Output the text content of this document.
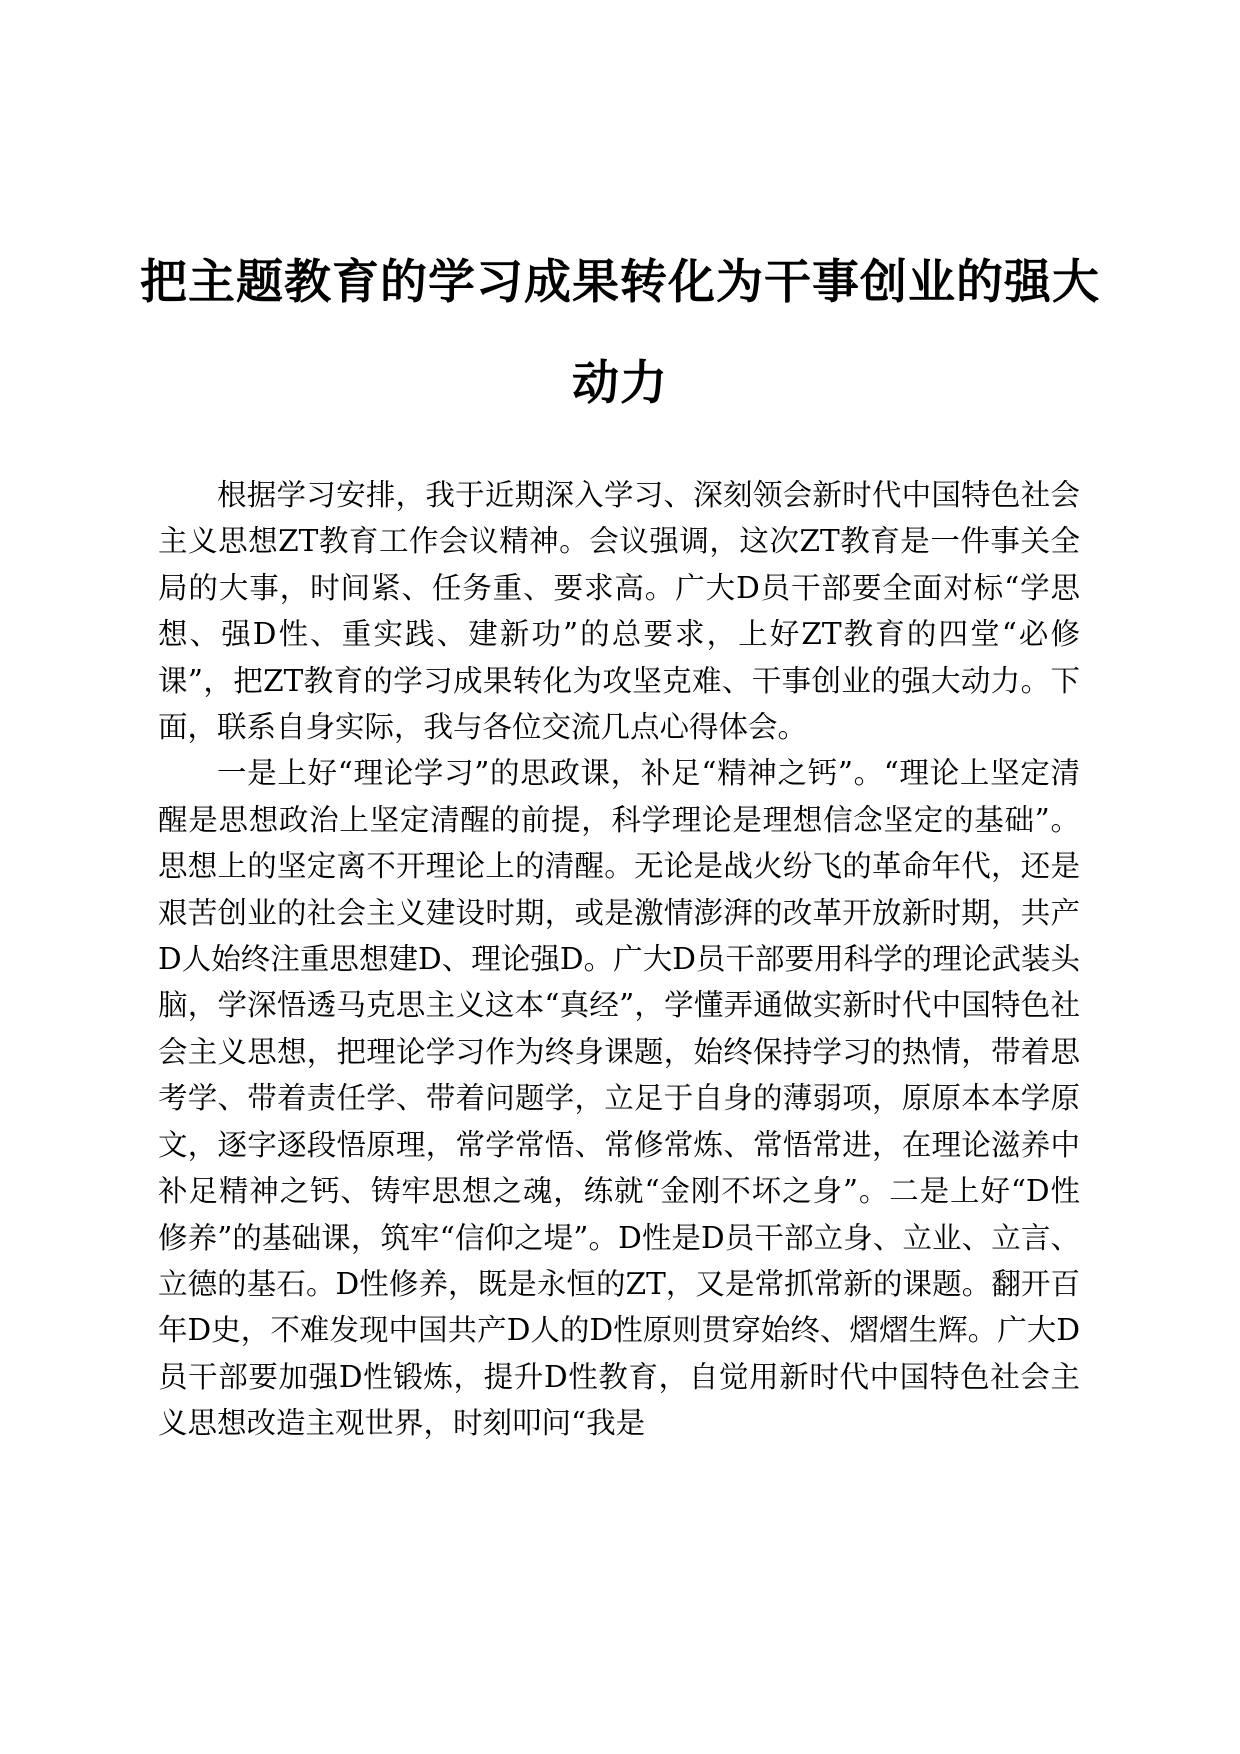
把主题教育的学习成果转化为干事创业的强大动力

根据学习安排，我于近期深入学习、深刻领会新时代中国特色社会主义思想ZT教育工作会议精神。会议强调，这次ZT教育是一件事关全局的大事，时间紧、任务重、要求高。广大D员干部要全面对标“学思想、强D性、重实践、建新功”的总要求，上好ZT教育的四堂“必修课”，把ZT教育的学习成果转化为攻坚克难、干事创业的强大动力。下面，联系自身实际，我与各位交流几点心得体会。

一是上好“理论学习”的思政课，补足“精神之钙”。“理论上坚定清醒是思想政治上坚定清醒的前提，科学理论是理想信念坚定的基础”。思想上的坚定离不开理论上的清醒。无论是战火纷飞的革命年代，还是艰苦创业的社会主义建设时期，或是激情澎湃的改革开放新时期，共产D人始终注重思想建D、理论强D。广大D员干部要用科学的理论武装头脑，学深悟透马克思主义这本“真经”，学懂弄通做实新时代中国特色社会主义思想，把理论学习作为终身课题，始终保持学习的热情，带着思考学、带着责任学、带着问题学，立足于自身的薄弱项，原原本本学原文，逐字逐段悟原理，常学常悟、常修常炼、常悟常进，在理论滋养中补足精神之钙、铸牢思想之魂，练就“金刚不坏之身”。二是上好“D性修养”的基础课，筑牢“信仰之堤”。D性是D员干部立身、立业、立言、立德的基石。D性修养，既是永恒的ZT，又是常抓常新的课题。翻开百年D史，不难发现中国共产D人的D性原则贯穿始终、熠熠生辉。广大D员干部要加强D性锻炼，提升D性教育，自觉用新时代中国特色社会主义思想改造主观世界，时刻叩问“我是
